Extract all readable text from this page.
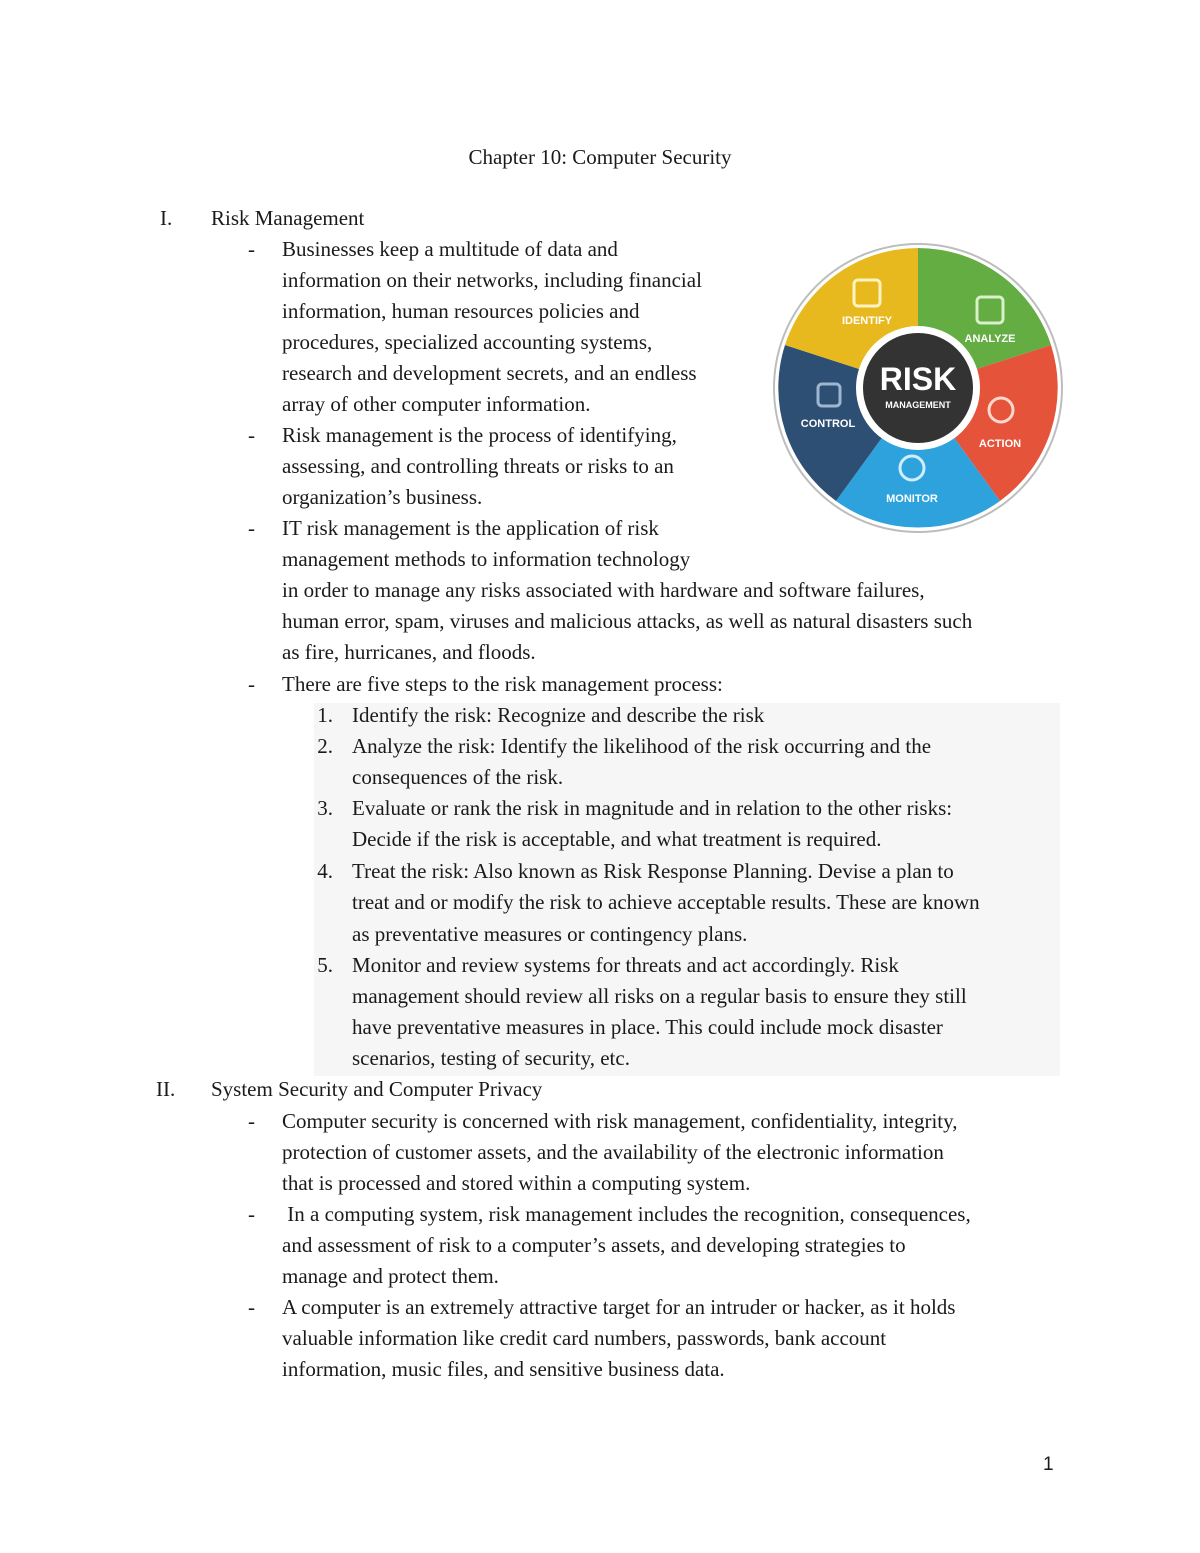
Chapter 10: Computer Security
I.	Risk Management
-	Businesses keep a multitude of data and
information on their networks, including financial
information, human resources policies and
procedures, specialized accounting systems,
research and development secrets, and an endless
array of other computer information.
-	Risk management is the process of identifying,
assessing, and controlling threats or risks to an
organization’s business.
-	IT risk management is the application of risk
management methods to information technology
in order to manage any risks associated with hardware and software failures,
human error, spam, viruses and malicious attacks, as well as natural disasters such
as fire, hurricanes, and floods.
-	There are five steps to the risk management process:
1. Identify the risk: Recognize and describe the risk
2. Analyze the risk: Identify the likelihood of the risk occurring and the
consequences of the risk.
3. Evaluate or rank the risk in magnitude and in relation to the other risks:
Decide if the risk is acceptable, and what treatment is required.
4. Treat the risk: Also known as Risk Response Planning. Devise a plan to
treat and or modify the risk to achieve acceptable results. These are known
as preventative measures or contingency plans.
5. Monitor and review systems for threats and act accordingly. Risk
management should review all risks on a regular basis to ensure they still
have preventative measures in place. This could include mock disaster
scenarios, testing of security, etc.
II.	System Security and Computer Privacy
-	Computer security is concerned with risk management, confidentiality, integrity,
protection of customer assets, and the availability of the electronic information
that is processed and stored within a computing system.
-	In a computing system, risk management includes the recognition, consequences,
and assessment of risk to a computer’s assets, and developing strategies to
manage and protect them.
-	A computer is an extremely attractive target for an intruder or hacker, as it holds
valuable information like credit card numbers, passwords, bank account
information, music files, and sensitive business data.
RISK
MANAGEMENT
IDENTIFY
ANALYZE
ACTION
MONITOR
CONTROL
1
